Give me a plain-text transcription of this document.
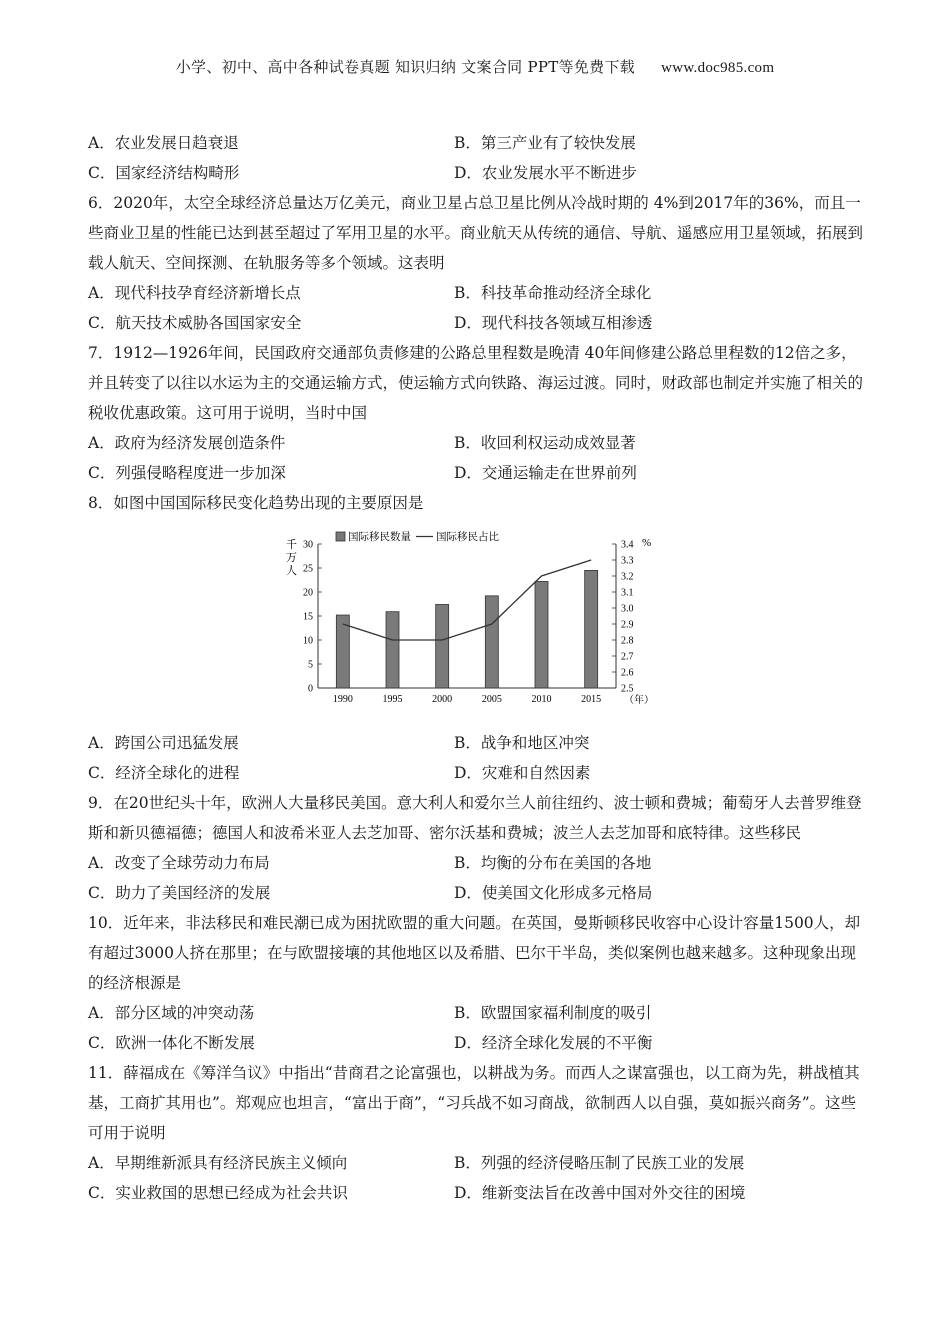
小学、初中、高中各种试卷真题 知识归纳 文案合同 PPT等免费下载 www.doc985.com
A．农业发展日趋衰退	B．第三产业有了较快发展
C．国家经济结构畸形	D．农业发展水平不断进步
6．2020年，太空全球经济总量达万亿美元，商业卫星占总卫星比例从冷战时期的 4%到2017年的36%，而且一些商业卫星的性能已达到甚至超过了军用卫星的水平。商业航天从传统的通信、导航、遥感应用卫星领域，拓展到载人航天、空间探测、在轨服务等多个领域。这表明
A．现代科技孕育经济新增长点	B．科技革命推动经济全球化
C．航天技术威胁各国国家安全	D．现代科技各领域互相渗透
7．1912—1926年间，民国政府交通部负责修建的公路总里程数是晚清 40年间修建公路总里程数的12倍之多，并且转变了以往以水运为主的交通运输方式，使运输方式向铁路、海运过渡。同时，财政部也制定并实施了相关的税收优惠政策。这可用于说明，当时中国
A．政府为经济发展创造条件	B．收回利权运动成效显著
C．列强侵略程度进一步加深	D．交通运输走在世界前列
8．如图中国国际移民变化趋势出现的主要原因是
国际移民数量 国际移民占比
千
万
人
%
（年）
0
5
10
15
20
25
30
2.5
2.6
2.7
2.8
2.9
3.0
3.1
3.2
3.3
3.4
1990	1995	2000	2005	2010	2015
A．跨国公司迅猛发展	B．战争和地区冲突
C．经济全球化的进程	D．灾难和自然因素
9．在20世纪头十年，欧洲人大量移民美国。意大利人和爱尔兰人前往纽约、波士顿和费城；葡萄牙人去普罗维登斯和新贝德福德；德国人和波希米亚人去芝加哥、密尔沃基和费城；波兰人去芝加哥和底特律。这些移民
A．改变了全球劳动力布局	B．均衡的分布在美国的各地
C．助力了美国经济的发展	D．使美国文化形成多元格局
10．近年来，非法移民和难民潮已成为困扰欧盟的重大问题。在英国，曼斯顿移民收容中心设计容量1500人，却有超过3000人挤在那里；在与欧盟接壤的其他地区以及希腊、巴尔干半岛，类似案例也越来越多。这种现象出现的经济根源是
A．部分区域的冲突动荡	B．欧盟国家福利制度的吸引
C．欧洲一体化不断发展	D．经济全球化发展的不平衡
11．薛福成在《筹洋刍议》中指出“昔商君之论富强也，以耕战为务。而西人之谋富强也，以工商为先，耕战植其基，工商扩其用也”。郑观应也坦言，“富出于商”，“习兵战不如习商战，欲制西人以自强，莫如振兴商务”。这些可用于说明
A．早期维新派具有经济民族主义倾向	B．列强的经济侵略压制了民族工业的发展
C．实业救国的思想已经成为社会共识	D．维新变法旨在改善中国对外交往的困境
